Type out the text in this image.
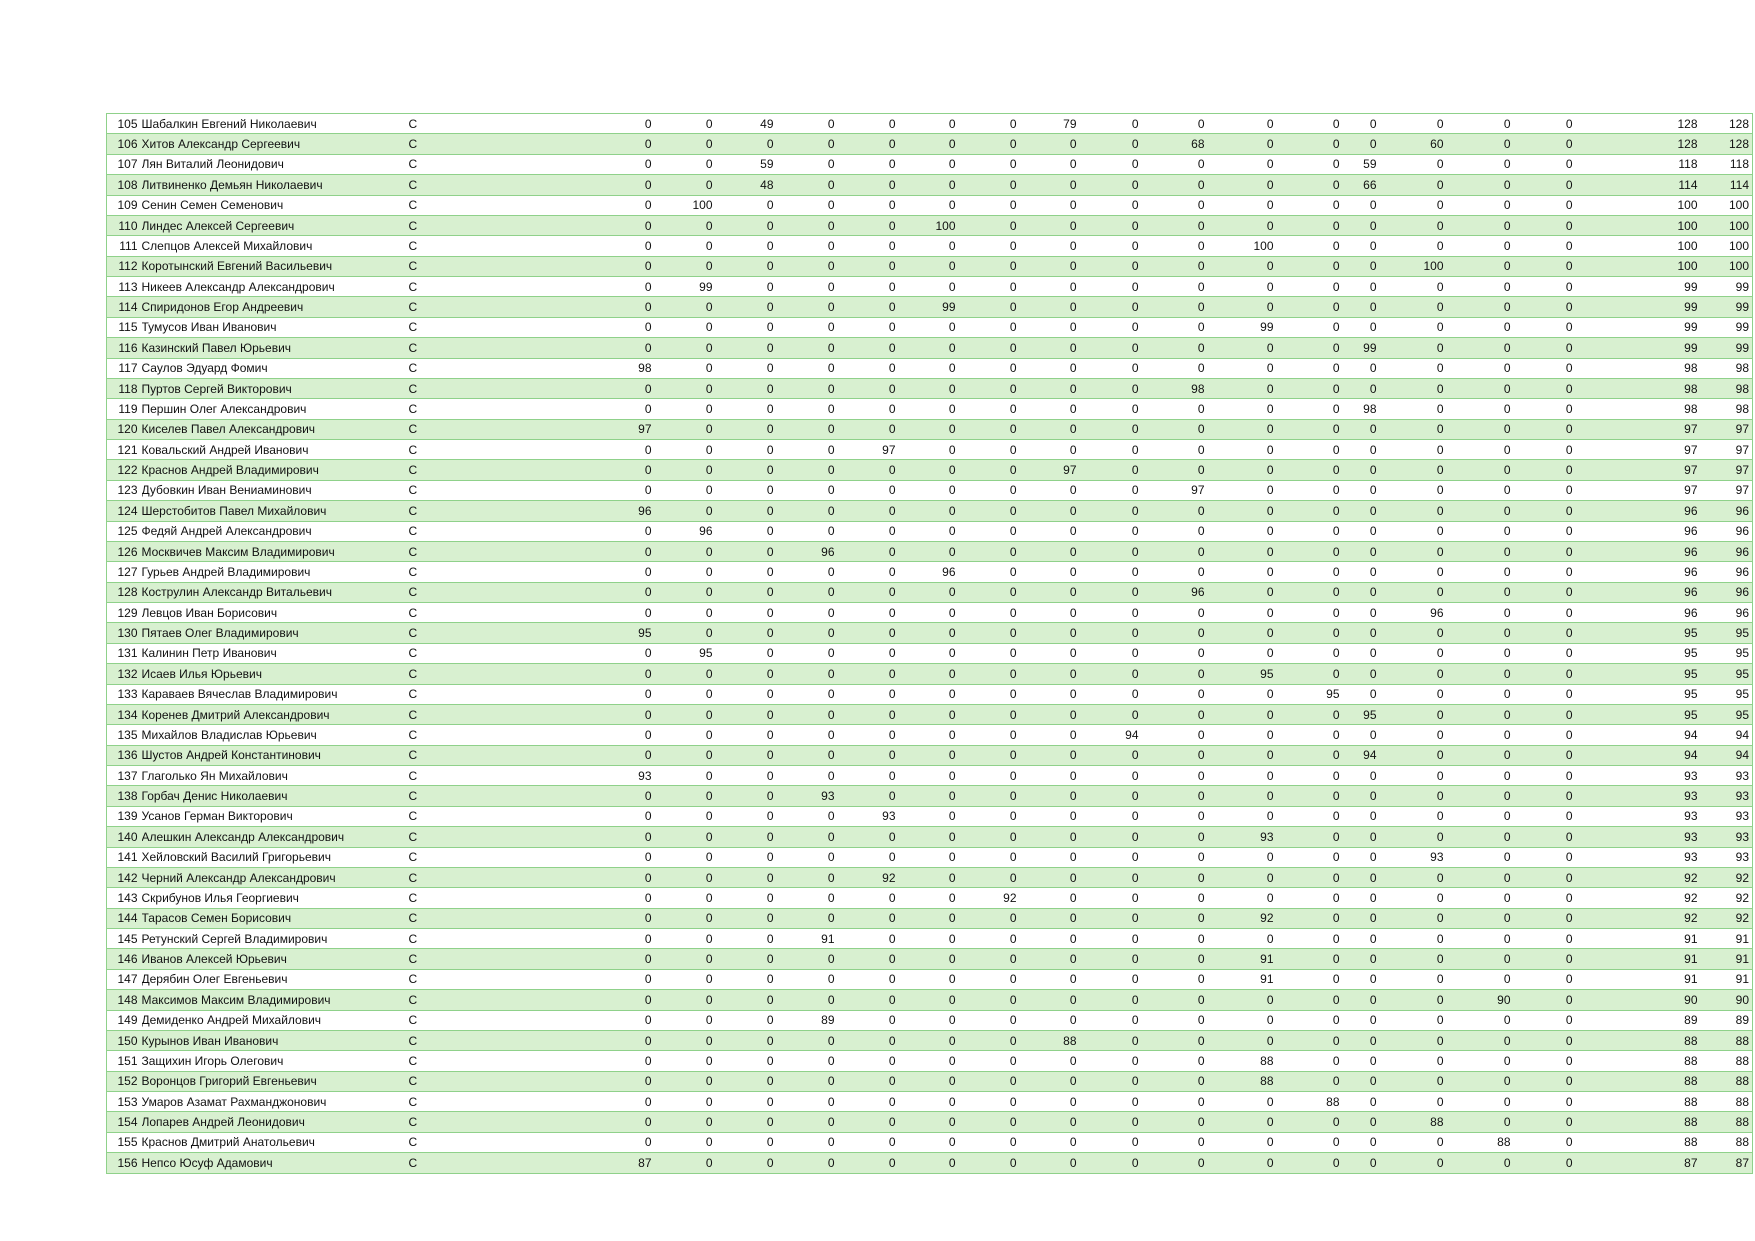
105	Шабалкин Евгений Николаевич	С	0	0	49	0	0	0	0	79	0	0	0	0	0	0	0	0	128	128
106	Хитов Александр Сергеевич	С	0	0	0	0	0	0	0	0	0	68	0	0	0	60	0	0	128	128
107	Лян Виталий Леонидович	С	0	0	59	0	0	0	0	0	0	0	0	0	59	0	0	0	118	118
108	Литвиненко Демьян Николаевич	С	0	0	48	0	0	0	0	0	0	0	0	0	66	0	0	0	114	114
109	Сенин Семен Семенович	С	0	100	0	0	0	0	0	0	0	0	0	0	0	0	0	0	100	100
110	Линдес Алексей Сергеевич	С	0	0	0	0	0	100	0	0	0	0	0	0	0	0	0	0	100	100
111	Слепцов Алексей Михайлович	С	0	0	0	0	0	0	0	0	0	0	100	0	0	0	0	0	100	100
112	Коротынский Евгений Васильевич	С	0	0	0	0	0	0	0	0	0	0	0	0	0	100	0	0	100	100
113	Никеев Александр Александрович	С	0	99	0	0	0	0	0	0	0	0	0	0	0	0	0	0	99	99
114	Спиридонов Егор Андреевич	С	0	0	0	0	0	99	0	0	0	0	0	0	0	0	0	0	99	99
115	Тумусов Иван Иванович	С	0	0	0	0	0	0	0	0	0	0	99	0	0	0	0	0	99	99
116	Казинский Павел Юрьевич	С	0	0	0	0	0	0	0	0	0	0	0	0	99	0	0	0	99	99
117	Саулов Эдуард Фомич	С	98	0	0	0	0	0	0	0	0	0	0	0	0	0	0	0	98	98
118	Пуртов Сергей Викторович	С	0	0	0	0	0	0	0	0	0	98	0	0	0	0	0	0	98	98
119	Першин Олег Александрович	С	0	0	0	0	0	0	0	0	0	0	0	0	98	0	0	0	98	98
120	Киселев Павел Александрович	С	97	0	0	0	0	0	0	0	0	0	0	0	0	0	0	0	97	97
121	Ковальский Андрей Иванович	С	0	0	0	0	97	0	0	0	0	0	0	0	0	0	0	0	97	97
122	Краснов Андрей Владимирович	С	0	0	0	0	0	0	0	97	0	0	0	0	0	0	0	0	97	97
123	Дубовкин Иван Вениаминович	С	0	0	0	0	0	0	0	0	0	97	0	0	0	0	0	0	97	97
124	Шерстобитов Павел Михайлович	С	96	0	0	0	0	0	0	0	0	0	0	0	0	0	0	0	96	96
125	Федяй Андрей Александрович	С	0	96	0	0	0	0	0	0	0	0	0	0	0	0	0	0	96	96
126	Москвичев Максим Владимирович	С	0	0	0	96	0	0	0	0	0	0	0	0	0	0	0	0	96	96
127	Гурьев Андрей Владимирович	С	0	0	0	0	0	96	0	0	0	0	0	0	0	0	0	0	96	96
128	Кострулин Александр Витальевич	С	0	0	0	0	0	0	0	0	0	96	0	0	0	0	0	0	96	96
129	Левцов Иван Борисович	С	0	0	0	0	0	0	0	0	0	0	0	0	0	96	0	0	96	96
130	Пятаев Олег Владимирович	С	95	0	0	0	0	0	0	0	0	0	0	0	0	0	0	0	95	95
131	Калинин Петр Иванович	С	0	95	0	0	0	0	0	0	0	0	0	0	0	0	0	0	95	95
132	Исаев Илья Юрьевич	С	0	0	0	0	0	0	0	0	0	0	95	0	0	0	0	0	95	95
133	Караваев Вячеслав Владимирович	С	0	0	0	0	0	0	0	0	0	0	0	95	0	0	0	0	95	95
134	Коренев Дмитрий Александрович	С	0	0	0	0	0	0	0	0	0	0	0	0	95	0	0	0	95	95
135	Михайлов Владислав Юрьевич	С	0	0	0	0	0	0	0	0	94	0	0	0	0	0	0	0	94	94
136	Шустов Андрей Константинович	С	0	0	0	0	0	0	0	0	0	0	0	0	94	0	0	0	94	94
137	Глаголько Ян Михайлович	С	93	0	0	0	0	0	0	0	0	0	0	0	0	0	0	0	93	93
138	Горбач Денис Николаевич	С	0	0	0	93	0	0	0	0	0	0	0	0	0	0	0	0	93	93
139	Усанов Герман Викторович	С	0	0	0	0	93	0	0	0	0	0	0	0	0	0	0	0	93	93
140	Алешкин Александр Александрович	С	0	0	0	0	0	0	0	0	0	0	93	0	0	0	0	0	93	93
141	Хейловский Василий Григорьевич	С	0	0	0	0	0	0	0	0	0	0	0	0	0	93	0	0	93	93
142	Черний Александр Александрович	С	0	0	0	0	92	0	0	0	0	0	0	0	0	0	0	0	92	92
143	Скрибунов Илья Георгиевич	С	0	0	0	0	0	0	92	0	0	0	0	0	0	0	0	0	92	92
144	Тарасов Семен Борисович	С	0	0	0	0	0	0	0	0	0	0	92	0	0	0	0	0	92	92
145	Ретунский Сергей Владимирович	С	0	0	0	91	0	0	0	0	0	0	0	0	0	0	0	0	91	91
146	Иванов Алексей Юрьевич	С	0	0	0	0	0	0	0	0	0	0	91	0	0	0	0	0	91	91
147	Дерябин Олег Евгеньевич	С	0	0	0	0	0	0	0	0	0	0	91	0	0	0	0	0	91	91
148	Максимов Максим Владимирович	С	0	0	0	0	0	0	0	0	0	0	0	0	0	0	90	0	90	90
149	Демиденко Андрей Михайлович	С	0	0	0	89	0	0	0	0	0	0	0	0	0	0	0	0	89	89
150	Курынов Иван Иванович	С	0	0	0	0	0	0	0	88	0	0	0	0	0	0	0	0	88	88
151	Защихин Игорь Олегович	С	0	0	0	0	0	0	0	0	0	0	88	0	0	0	0	0	88	88
152	Воронцов Григорий Евгеньевич	С	0	0	0	0	0	0	0	0	0	0	88	0	0	0	0	0	88	88
153	Умаров Азамат Рахманджонович	С	0	0	0	0	0	0	0	0	0	0	0	88	0	0	0	0	88	88
154	Лопарев Андрей Леонидович	С	0	0	0	0	0	0	0	0	0	0	0	0	0	88	0	0	88	88
155	Краснов Дмитрий Анатольевич	С	0	0	0	0	0	0	0	0	0	0	0	0	0	0	88	0	88	88
156	Непсо Юсуф Адамович	С	87	0	0	0	0	0	0	0	0	0	0	0	0	0	0	0	87	87
